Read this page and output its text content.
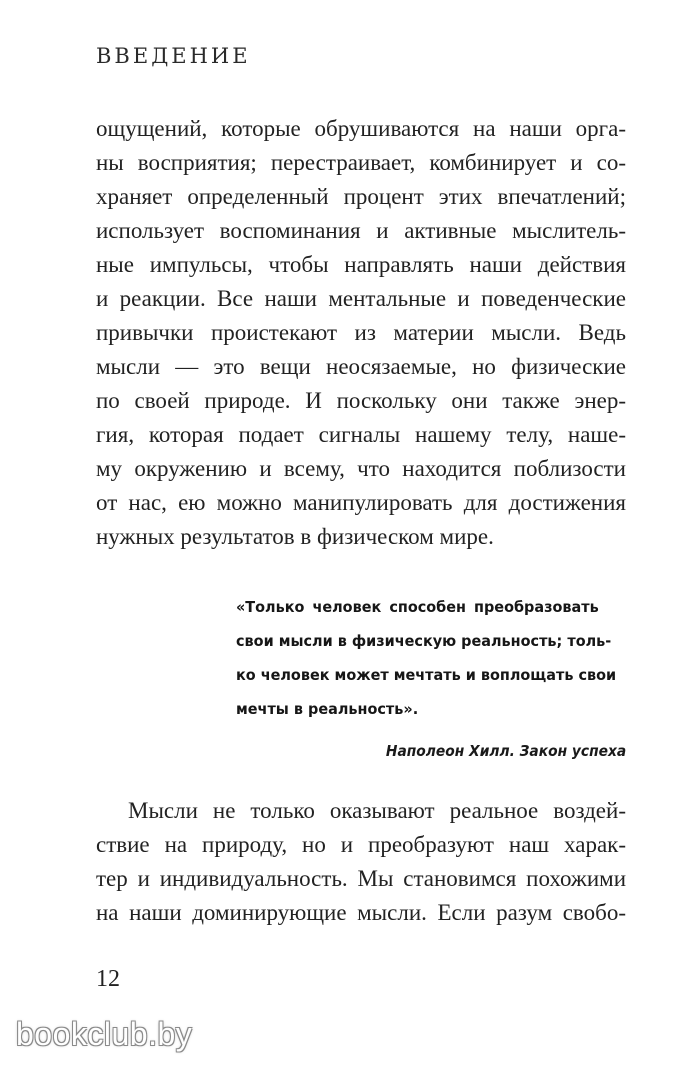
ВВЕДЕНИЕ
ощущений, которые обрушиваются на наши орга-
ны восприятия; перестраивает, комбинирует и со-
храняет определенный процент этих впечатлений;
использует воспоминания и активные мыслитель-
ные импульсы, чтобы направлять наши действия
и реакции. Все наши ментальные и поведенческие
привычки проистекают из материи мысли. Ведь
мысли — это вещи неосязаемые, но физические
по своей природе. И поскольку они также энер-
гия, которая подает сигналы нашему телу, наше-
му окружению и всему, что находится поблизости
от нас, ею можно манипулировать для достижения
нужных результатов в физическом мире.
«Только человек способен преобразовать
свои мысли в физическую реальность; толь-
ко человек может мечтать и воплощать свои
мечты в реальность».
Наполеон Хилл. Закон успеха
Мысли не только оказывают реальное воздей-
ствие на природу, но и преобразуют наш харак-
тер и индивидуальность. Мы становимся похожими
на наши доминирующие мысли. Если разум свобо-
12
bookclub.by
